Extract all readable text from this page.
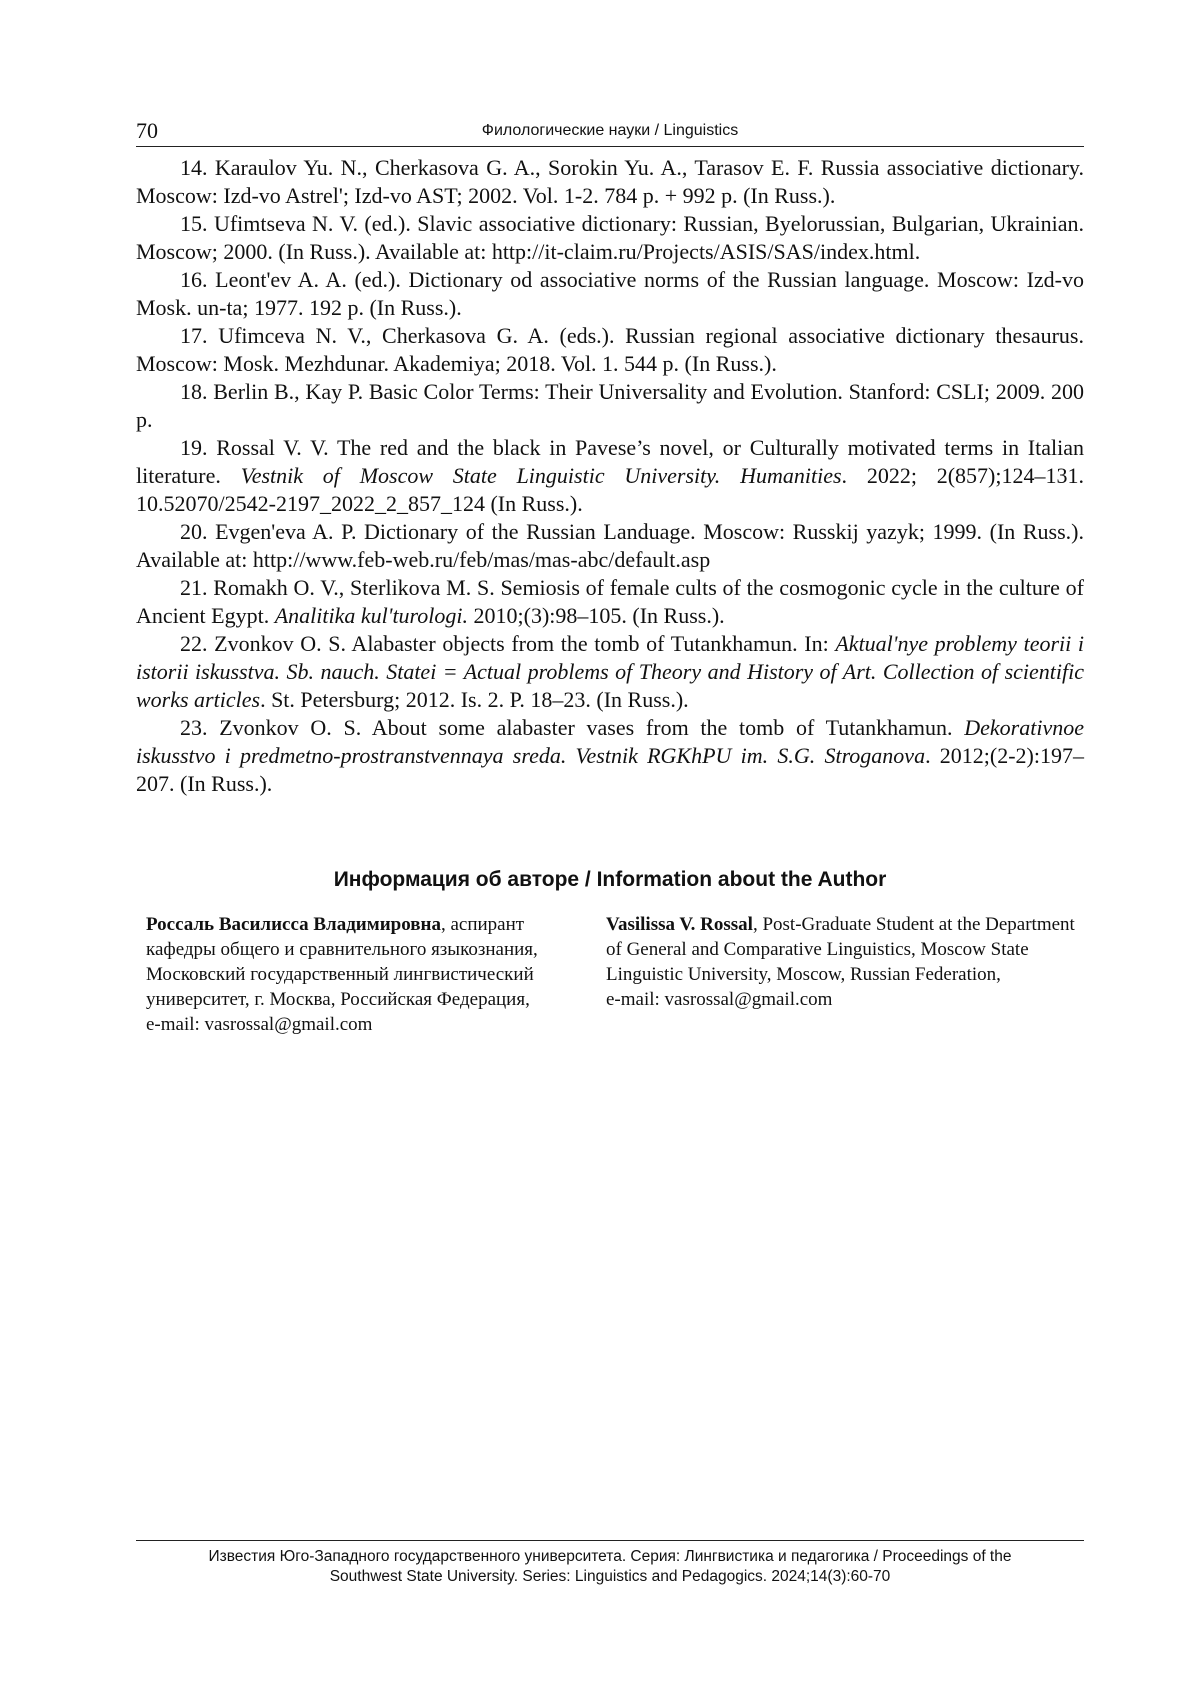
70	Филологические науки / Linguistics

14. Karaulov Yu. N., Cherkasova G. A., Sorokin Yu. A., Tarasov E. F. Russia associative dictionary. Moscow: Izd-vo Astrel'; Izd-vo AST; 2002. Vol. 1-2. 784 p. + 992 p. (In Russ.).

15. Ufimtseva N. V. (ed.). Slavic associative dictionary: Russian, Byelorussian, Bulgarian, Ukrainian. Moscow; 2000. (In Russ.). Available at: http://it-claim.ru/Projects/ASIS/SAS/index.html.

16. Leont'ev A. A. (ed.). Dictionary od associative norms of the Russian language. Moscow: Izd-vo Mosk. un-ta; 1977. 192 p. (In Russ.).

17. Ufimceva N. V., Cherkasova G. A. (eds.). Russian regional associative dictionary thesaurus. Moscow: Mosk. Mezhdunar. Akademiya; 2018. Vol. 1. 544 p. (In Russ.).

18. Berlin B., Kay P. Basic Color Terms: Their Universality and Evolution. Stanford: CSLI; 2009. 200 p.

19. Rossal V. V. The red and the black in Pavese’s novel, or Culturally motivated terms in Italian literature. Vestnik of Moscow State Linguistic University. Humanities. 2022; 2(857);124–131. 10.52070/2542-2197_2022_2_857_124 (In Russ.).

20. Evgen'eva A. P. Dictionary of the Russian Landuage. Moscow: Russkij yazyk; 1999. (In Russ.). Available at: http://www.feb-web.ru/feb/mas/mas-abc/default.asp

21. Romakh O. V., Sterlikova M. S. Semiosis of female cults of the cosmogonic cycle in the culture of Ancient Egypt. Analitika kul'turologi. 2010;(3):98–105. (In Russ.).

22. Zvonkov O. S. Alabaster objects from the tomb of Tutankhamun. In: Aktual'nye problemy teorii i istorii iskusstva. Sb. nauch. Statei = Actual problems of Theory and History of Art. Collection of scientific works articles. St. Petersburg; 2012. Is. 2. P. 18–23. (In Russ.).

23. Zvonkov O. S. About some alabaster vases from the tomb of Tutankhamun. Dekorativnoe iskusstvo i predmetno-prostranstvennaya sreda. Vestnik RGKhPU im. S.G. Stroganova. 2012;(2-2):197–207. (In Russ.).

Информация об авторе / Information about the Author
Россаль Василисса Владимировна, аспирант кафедры общего и сравнительного языкознания, Московский государственный лингвистический университет, г. Москва, Российская Федерация,
e-mail: vasrossal@gmail.com
Vasilissa V. Rossal, Post-Graduate Student at the Department of General and Comparative Linguistics, Moscow State Linguistic University, Moscow, Russian Federation,
e-mail: vasrossal@gmail.com
Известия Юго-Западного государственного университета. Серия: Лингвистика и педагогика / Proceedings of the
Southwest State University. Series: Linguistics and Pedagogics. 2024;14(3):60-70
